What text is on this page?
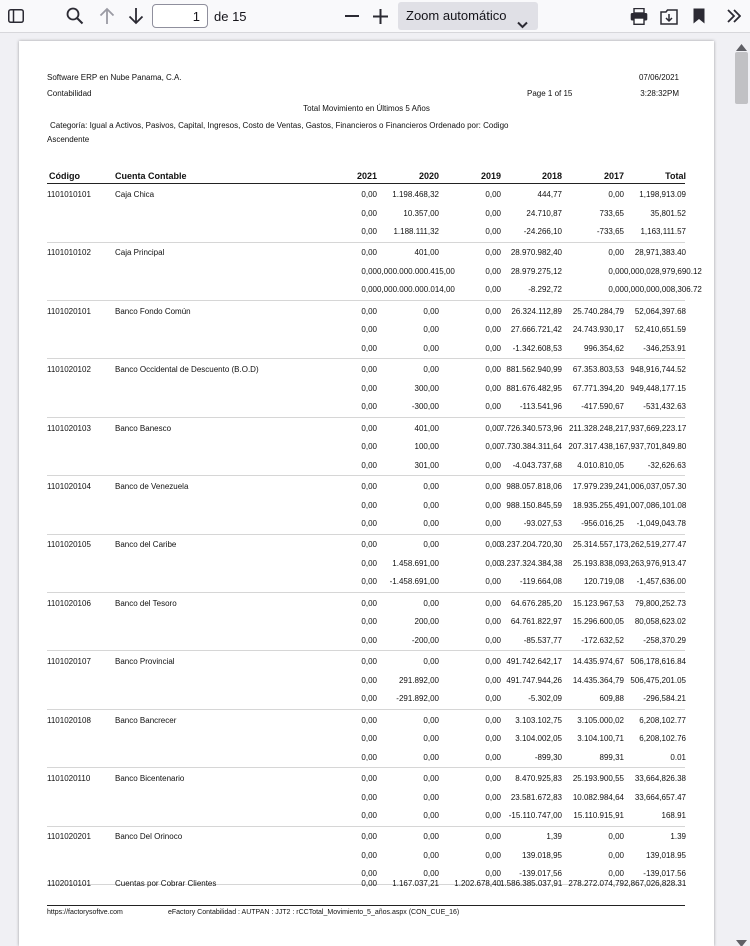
1
de 15	Zoom automático
Software ERP en Nube Panama, C.A.
Contabilidad
07/06/2021
Page 1 of 15	3:28:32PM
Total Movimiento en Últimos 5 Años
Categoría: Igual a Activos, Pasivos, Capital, Ingresos, Costo de Ventas, Gastos, Financieros o Financieros Ordenado por: Codigo
Ascendente
Código	Cuenta Contable	2021	2020	2019	2018	2017	Total
1101010101	Caja Chica	0,00	1.198.468,32	0,00	444,77	0,00	1,198,913.09
0,00	10.357,00	0,00	24.710,87	733,65	35,801.52
0,00	1.188.111,32	0,00	-24.266,10	-733,65	1,163,111.57
1101010102	Caja Principal	0,00	401,00	0,00	28.970.982,40	0,00	28,971,383.40
0,00 0,000.000.000.415,00	0,00	28.979.275,12	0,00 0,000,028,979,690.12
0,00 0,000.000.000.014,00	0,00	-8.292,72	0,00 0,000,000,008,306.72
1101020101	Banco Fondo Común	0,00	0,00	0,00	26.324.112,89	25.740.284,79	52,064,397.68
0,00	0,00	0,00	27.666.721,42	24.743.930,17	52,410,651.59
0,00	0,00	0,00	-1.342.608,53	996.354,62	-346,253.91
1101020102	Banco Occidental de Descuento (B.O.D)	0,00	0,00	0,00 881.562.940,99	67.353.803,53 948,916,744.52
0,00	300,00	0,00 881.676.482,95	67.771.394,20 949,448,177.15
0,00	-300,00	0,00	-113.541,96	-417.590,67	-531,432.63
1101020103	Banco Banesco	0,00	401,00	0,00 7.726.340.573,96 211.328.248,21 7,937,669,223.17
0,00	100,00	0,00 7.730.384.311,64 207.317.438,16 7,937,701,849.80
0,00	301,00	0,00	-4.043.737,68	4.010.810,05	-32,626.63
1101020104	Banco de Venezuela	0,00	0,00	0,00 988.057.818,06	17.979.239,24 1,006,037,057.30
0,00	0,00	0,00 988.150.845,59	18.935.255,49 1,007,086,101.08
0,00	0,00	0,00	-93.027,53	-956.016,25	-1,049,043.78
1101020105	Banco del Caribe	0,00	0,00	0,00 3.237.204.720,30	25.314.557,17 3,262,519,277.47
0,00	1.458.691,00	0,00 3.237.324.384,38	25.193.838,09 3,263,976,913.47
0,00	-1.458.691,00	0,00	-119.664,08	120.719,08	-1,457,636.00
1101020106	Banco del Tesoro	0,00	0,00	0,00	64.676.285,20	15.123.967,53	79,800,252.73
0,00	200,00	0,00	64.761.822,97	15.296.600,05	80,058,623.02
0,00	-200,00	0,00	-85.537,77	-172.632,52	-258,370.29
1101020107	Banco Provincial	0,00	0,00	0,00 491.742.642,17	14.435.974,67 506,178,616.84
0,00	291.892,00	0,00 491.747.944,26	14.435.364,79 506,475,201.05
0,00	-291.892,00	0,00	-5.302,09	609,88	-296,584.21
1101020108	Banco Bancrecer	0,00	0,00	0,00	3.103.102,75	3.105.000,02	6,208,102.77
0,00	0,00	0,00	3.104.002,05	3.104.100,71	6,208,102.76
0,00	0,00	0,00	-899,30	899,31	0.01
1101020110	Banco Bicentenario	0,00	0,00	0,00	8.470.925,83	25.193.900,55	33,664,826.38
0,00	0,00	0,00	23.581.672,83	10.082.984,64	33,664,657.47
0,00	0,00	0,00 -15.110.747,00	15.110.915,91	168.91
1101020201	Banco Del Orinoco	0,00	0,00	0,00	1,39	0,00	1.39
0,00	0,00	0,00	139.018,95	0,00	139,018.95
0,00	0,00	0,00	-139.017,56	0,00	-139,017.56
1102010101	Cuentas por Cobrar Clientes	0,00	1.167.037,21	1.202.678,40 1.586.385.037,91 278.272.074,79 2,867,026,828.31
https://factorysoftve.com	eFactory Contabilidad : AUTPAN : JJT2 : rCCTotal_Movimiento_5_años.aspx (CON_CUE_16)
